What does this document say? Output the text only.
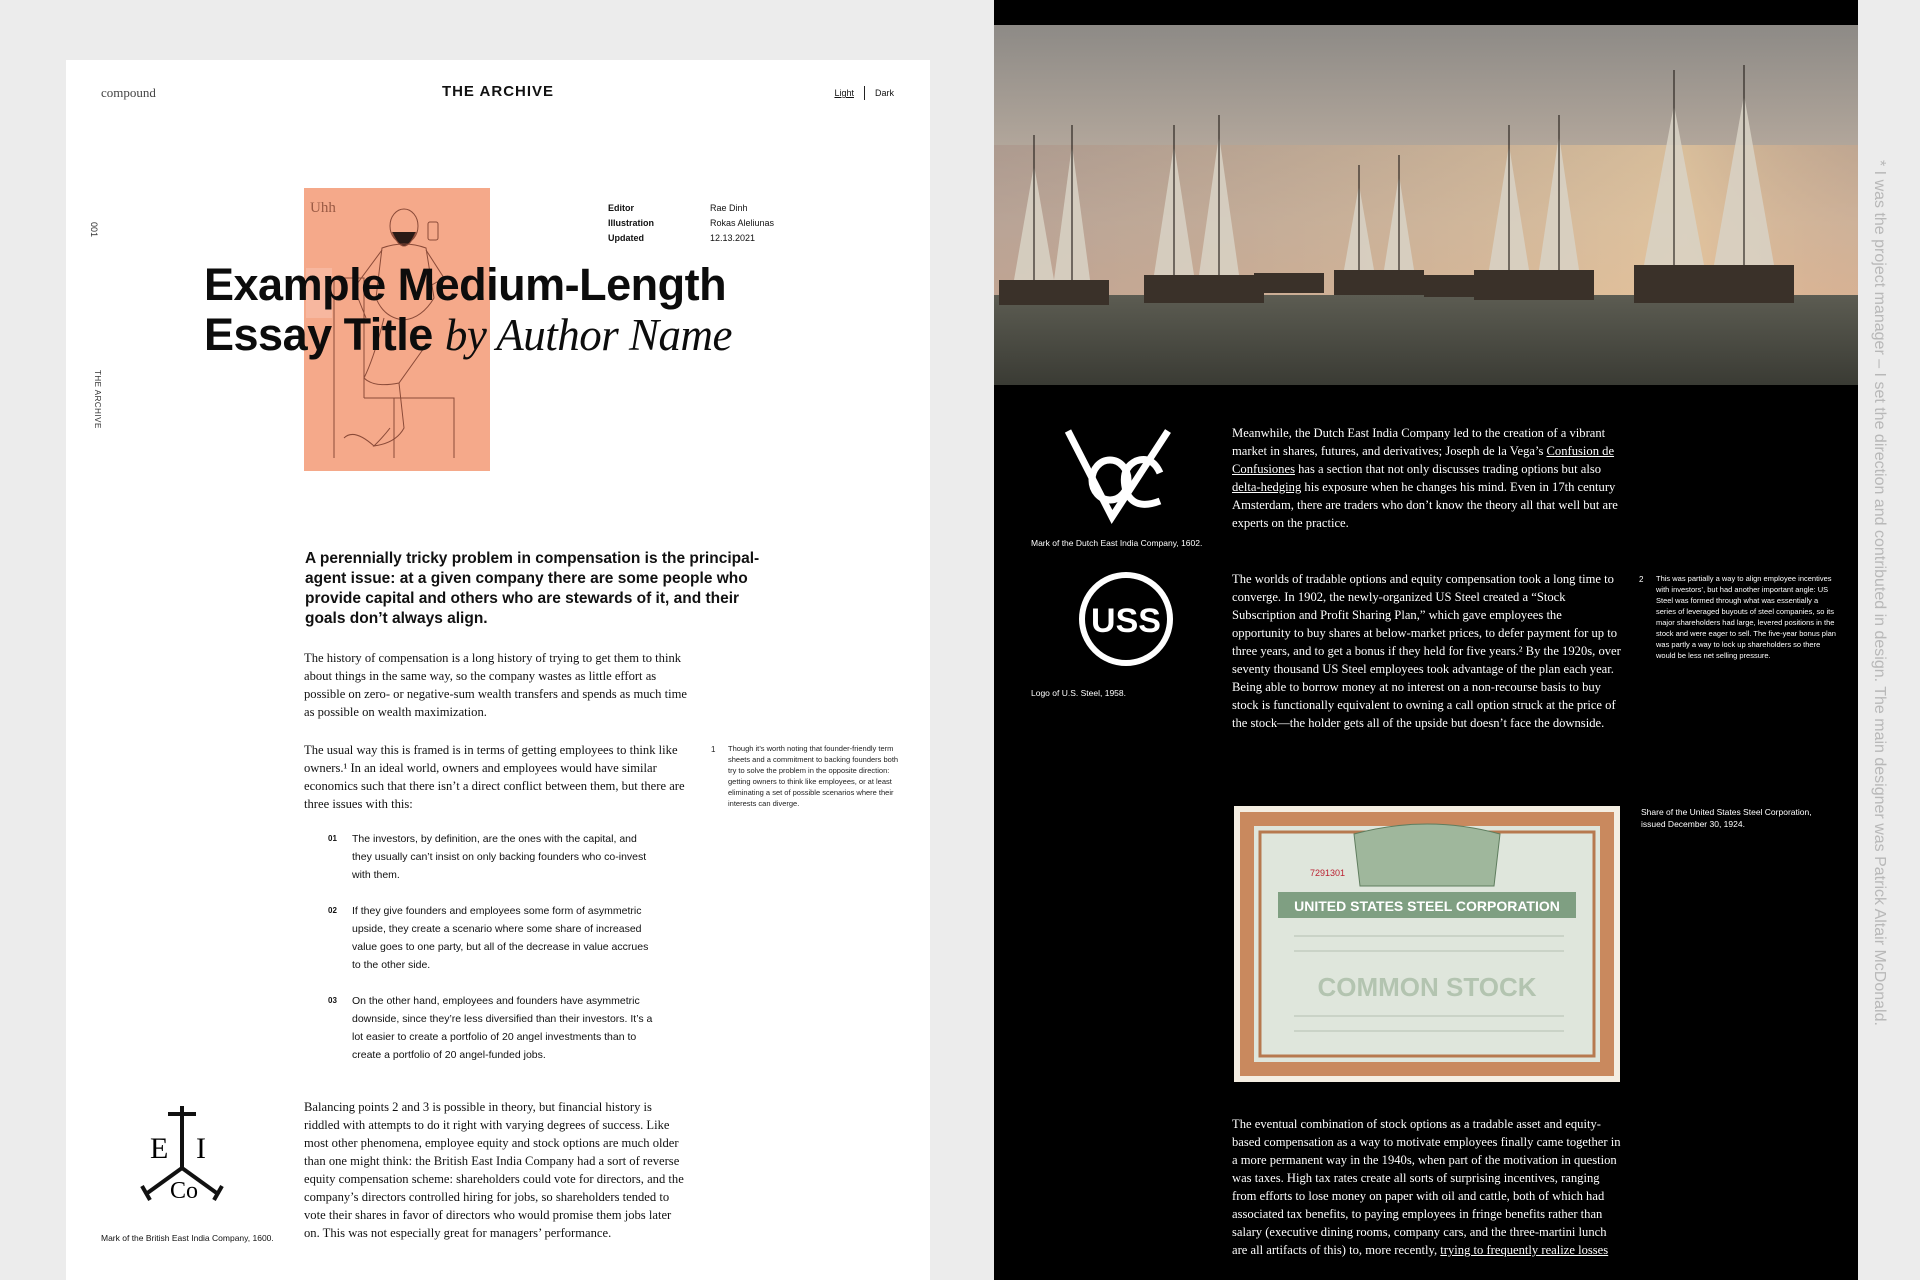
compound	THE ARCHIVE	Light Dark
001
THE ARCHIVE
Uhh	Editor	Rae Dinh
Illustration	Rokas Aleliunas
Updated	12.13.2021
Example Medium-Length Essay Title by Author Name

A perennially tricky problem in compensation is the principal-agent issue: at a given company there are some people who provide capital and others who are stewards of it, and their goals don’t always align.

The history of compensation is a long history of trying to get them to think about things in the same way, so the company wastes as little effort as possible on zero- or negative-sum wealth transfers and spends as much time as possible on wealth maximization.

The usual way this is framed is in terms of getting employees to think like owners.¹ In an ideal world, owners and employees would have similar economics such that there isn’t a direct conflict between them, but there are three issues with this:

1 Though it’s worth noting that founder-friendly term sheets and a commitment to backing founders both try to solve the problem in the opposite direction: getting owners to think like employees, or at least eliminating a set of possible scenarios where their interests can diverge.
01 The investors, by definition, are the ones with the capital, and they usually can’t insist on only backing founders who co-invest with them.
02 If they give founders and employees some form of asymmetric upside, they create a scenario where some share of increased value goes to one party, but all of the decrease in value accrues to the other side.
03 On the other hand, employees and founders have asymmetric downside, since they’re less diversified than their investors. It’s a lot easier to create a portfolio of 20 angel investments than to create a portfolio of 20 angel-funded jobs.

Balancing points 2 and 3 is possible in theory, but financial history is riddled with attempts to do it right with varying degrees of success. Like most other phenomena, employee equity and stock options are much older than one might think: the British East India Company had a sort of reverse equity compensation scheme: shareholders could vote for directors, and the company’s directors controlled hiring for jobs, so shareholders tended to vote their shares in favor of directors who would promise them jobs later on. This was not especially great for managers’ performance.

E I
Co
Mark of the British East India Company, 1600.
Mark of the Dutch East India Company, 1602.

Meanwhile, the Dutch East India Company led to the creation of a vibrant market in shares, futures, and derivatives; Joseph de la Vega’s Confusion de Confusiones has a section that not only discusses trading options but also delta-hedging his exposure when he changes his mind. Even in 17th century Amsterdam, there are traders who don’t know the theory all that well but are experts on the practice.

USS
Logo of U.S. Steel, 1958.

The worlds of tradable options and equity compensation took a long time to converge. In 1902, the newly-organized US Steel created a “Stock Subscription and Profit Sharing Plan,” which gave employees the opportunity to buy shares at below-market prices, to defer payment for up to three years, and to get a bonus if they held for five years.² By the 1920s, over seventy thousand US Steel employees took advantage of the plan each year. Being able to borrow money at no interest on a non-recourse basis to buy stock is functionally equivalent to owning a call option struck at the price of the stock—the holder gets all of the upside but doesn’t face the downside.

2 This was partially a way to align employee incentives with investors’, but had another important angle: US Steel was formed through what was essentially a series of leveraged buyouts of steel companies, so its major shareholders had large, levered positions in the stock and were eager to sell. The five-year bonus plan was partly a way to lock up shareholders so there would be less net selling pressure.
UNITED STATES STEEL CORPORATION
COMMON STOCK
7291301
Share of the United States Steel Corporation, issued December 30, 1924.

The eventual combination of stock options as a tradable asset and equity-based compensation as a way to motivate employees finally came together in a more permanent way in the 1940s, when part of the motivation in question was taxes. High tax rates create all sorts of surprising incentives, ranging from efforts to lose money on paper with oil and cattle, both of which had associated tax benefits, to paying employees in fringe benefits rather than salary (executive dining rooms, company cars, and the three-martini lunch are all artifacts of this) to, more recently, trying to frequently realize losses

* I was the project manager – I set the direction and contributed in design. The main designer was Patrick Altair McDonald.
